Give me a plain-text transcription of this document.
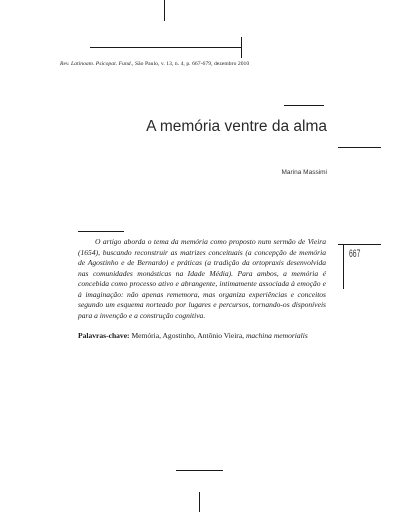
Rev. Latinoam. Psicopat. Fund., São Paulo, v. 13, n. 4, p. 667-679, dezembro 2010
A memória ventre da alma
Marina Massimi
O artigo aborda o tema da memória como proposto num sermão de Vieira (1654), buscando reconstruir as matrizes conceituais (a concepção de memória de Agostinho e de Bernardo) e práticas (a tradição da ortopraxis desenvolvida nas comunidades monásticas na Idade Média). Para ambos, a memória é concebida como processo ativo e abrangente, intimamente associada à emoção e à imaginação: não apenas rememora, mas organiza experiências e conceitos segundo um esquema norteado por lugares e percursos, tornando-os disponíveis para a invenção e a construção cognitiva.
Palavras-chave: Memória, Agostinho, Antônio Vieira, machina memorialis
667
